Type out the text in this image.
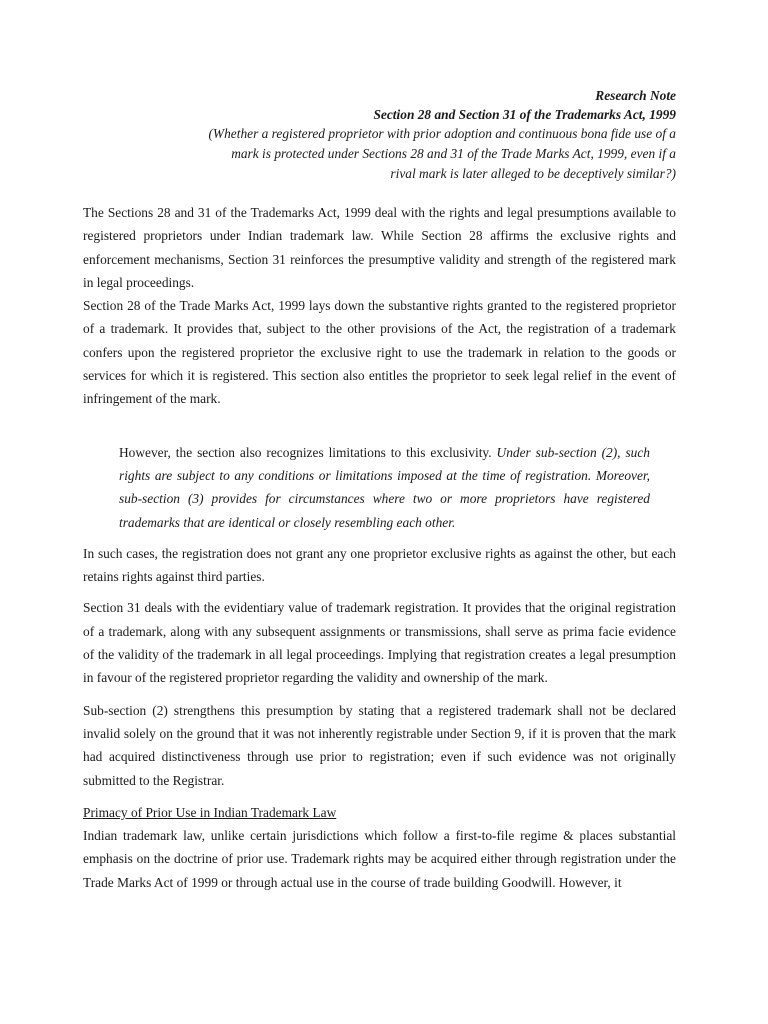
Research Note
Section 28 and Section 31 of the Trademarks Act, 1999
(Whether a registered proprietor with prior adoption and continuous bona fide use of a
mark is protected under Sections 28 and 31 of the Trade Marks Act, 1999, even if a
rival mark is later alleged to be deceptively similar?)

The Sections 28 and 31 of the Trademarks Act, 1999 deal with the rights and legal presumptions available to registered proprietors under Indian trademark law. While Section 28 affirms the exclusive rights and enforcement mechanisms, Section 31 reinforces the presumptive validity and strength of the registered mark in legal proceedings.

Section 28 of the Trade Marks Act, 1999 lays down the substantive rights granted to the registered proprietor of a trademark. It provides that, subject to the other provisions of the Act, the registration of a trademark confers upon the registered proprietor the exclusive right to use the trademark in relation to the goods or services for which it is registered. This section also entitles the proprietor to seek legal relief in the event of infringement of the mark.

However, the section also recognizes limitations to this exclusivity. Under sub-section (2), such rights are subject to any conditions or limitations imposed at the time of registration. Moreover, sub-section (3) provides for circumstances where two or more proprietors have registered trademarks that are identical or closely resembling each other.

In such cases, the registration does not grant any one proprietor exclusive rights as against the other, but each retains rights against third parties.

Section 31 deals with the evidentiary value of trademark registration. It provides that the original registration of a trademark, along with any subsequent assignments or transmissions, shall serve as prima facie evidence of the validity of the trademark in all legal proceedings. Implying that registration creates a legal presumption in favour of the registered proprietor regarding the validity and ownership of the mark.

Sub-section (2) strengthens this presumption by stating that a registered trademark shall not be declared invalid solely on the ground that it was not inherently registrable under Section 9, if it is proven that the mark had acquired distinctiveness through use prior to registration; even if such evidence was not originally submitted to the Registrar.

Primacy of Prior Use in Indian Trademark Law

Indian trademark law, unlike certain jurisdictions which follow a first-to-file regime & places substantial emphasis on the doctrine of prior use. Trademark rights may be acquired either through registration under the Trade Marks Act of 1999 or through actual use in the course of trade building Goodwill. However, it
